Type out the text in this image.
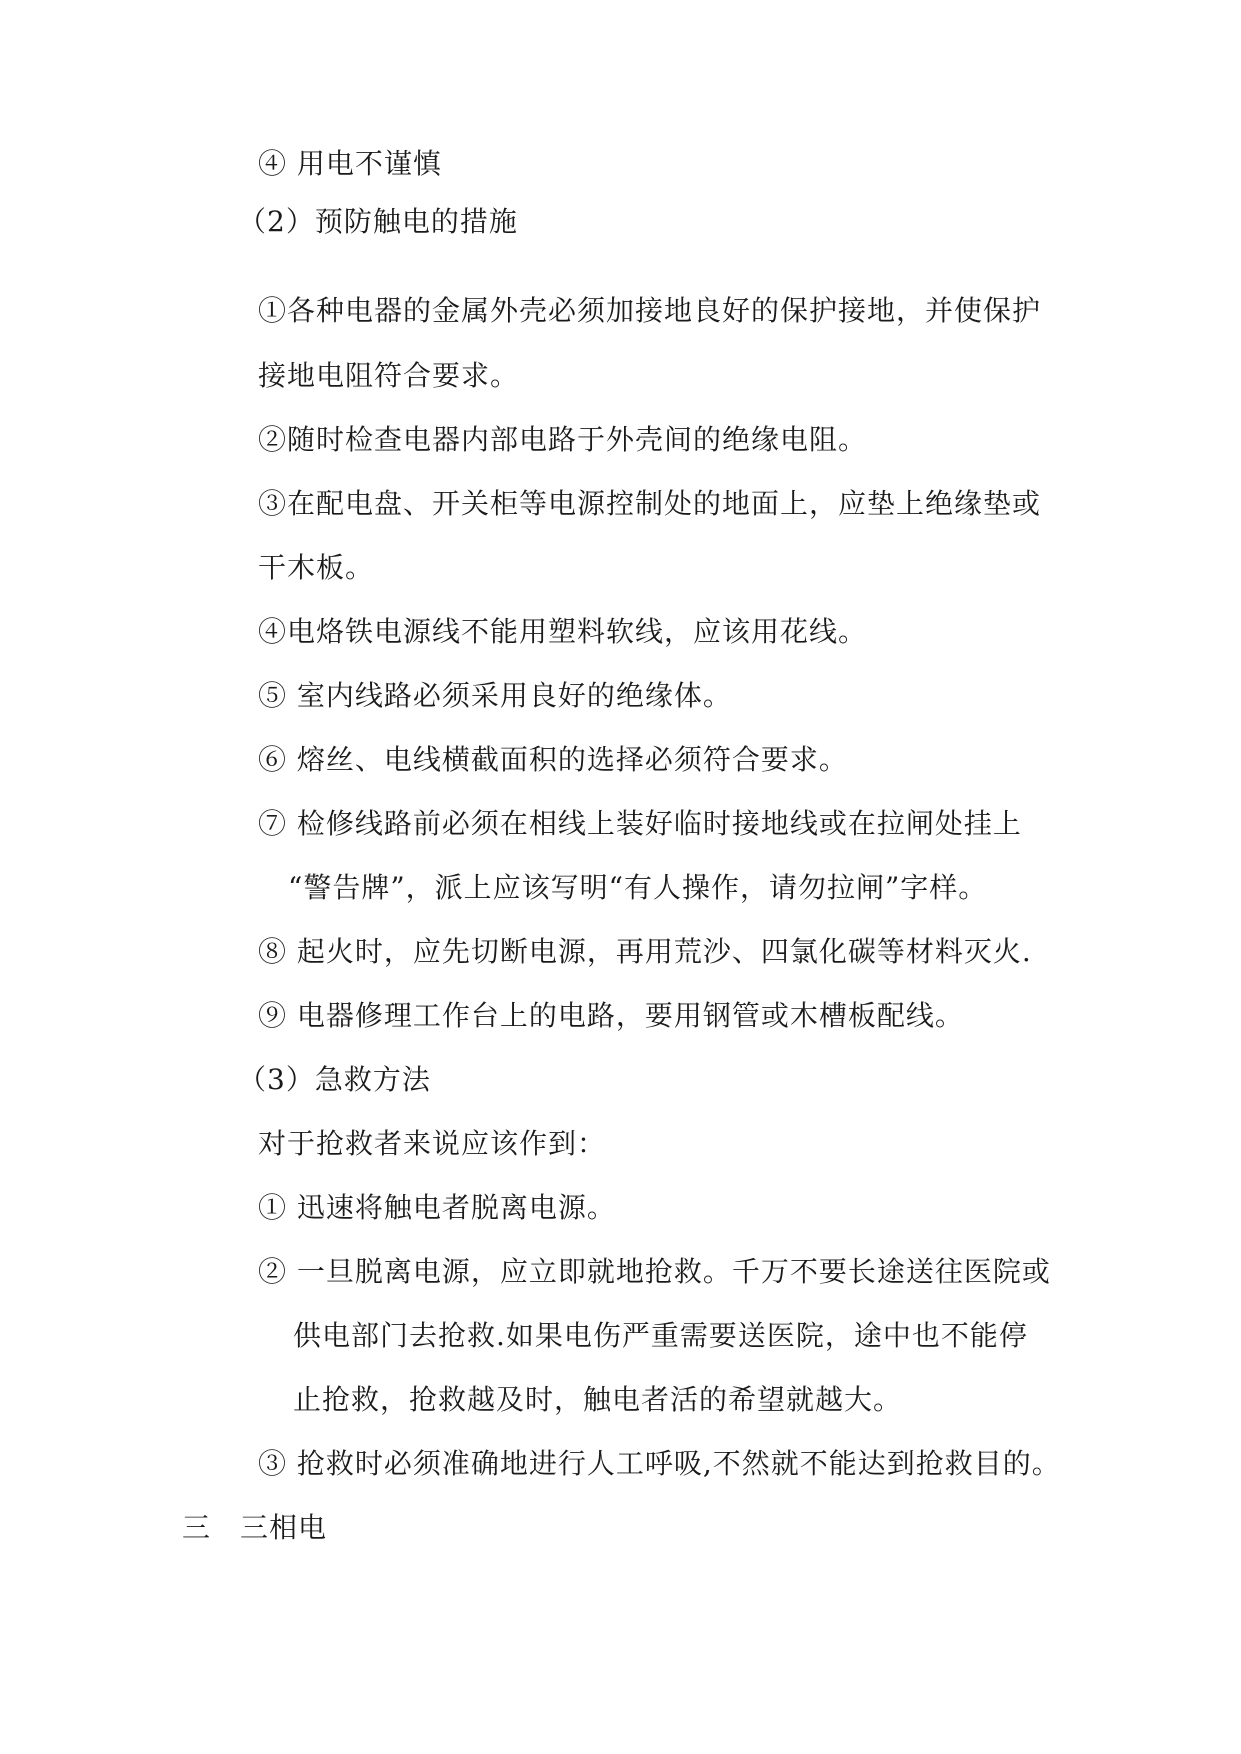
④ 用电不谨慎
（2）预防触电的措施
①各种电器的金属外壳必须加接地良好的保护接地，并使保护
接地电阻符合要求。
②随时检查电器内部电路于外壳间的绝缘电阻。
③在配电盘、开关柜等电源控制处的地面上，应垫上绝缘垫或
干木板。
④电烙铁电源线不能用塑料软线，应该用花线。
⑤ 室内线路必须采用良好的绝缘体。
⑥ 熔丝、电线横截面积的选择必须符合要求。
⑦ 检修线路前必须在相线上装好临时接地线或在拉闸处挂上
“警告牌”，派上应该写明“有人操作，请勿拉闸”字样。
⑧ 起火时，应先切断电源，再用荒沙、四氯化碳等材料灭火.
⑨ 电器修理工作台上的电路，要用钢管或木槽板配线。
（3）急救方法
对于抢救者来说应该作到：
① 迅速将触电者脱离电源。
② 一旦脱离电源，应立即就地抢救。千万不要长途送往医院或
供电部门去抢救.如果电伤严重需要送医院，途中也不能停
止抢救，抢救越及时，触电者活的希望就越大。
③ 抢救时必须准确地进行人工呼吸,不然就不能达到抢救目的。
三　三相电
